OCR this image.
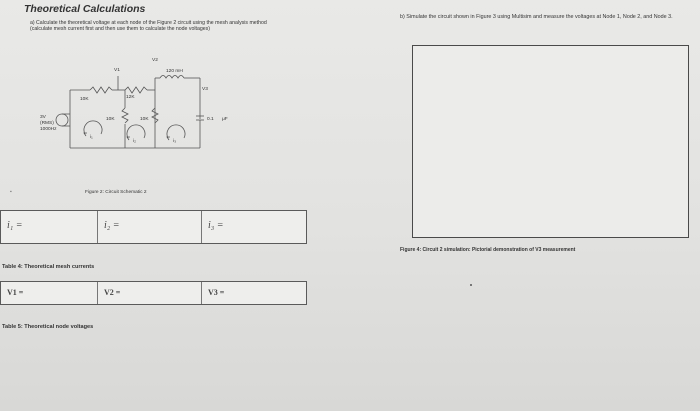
Theoretical Calculations
a) Calculate the theoretical voltage at each node of the Figure 2 circuit using the mesh analysis method (calculate mesh current first and then use them to calculate the node voltages)
b) Simulate the circuit shown in Figure 3 using Multisim and measure the voltages at Node 1, Node 2, and Node 3.
V1
V2
V3
10K	12K
10K	10K
120 mH
0.1 μF
3V
(RMS)
1000Hz
i₁
i₂	i₃
Figure 2: Circuit Schematic 2
▪
i₁ =	i₂ =	i₃ =
Table 4: Theoretical mesh currents
V1 =	V2 =	V3 =
Table 5: Theoretical node voltages
Figure 4: Circuit 2 simulation: Pictorial demonstration of V3 measurement
